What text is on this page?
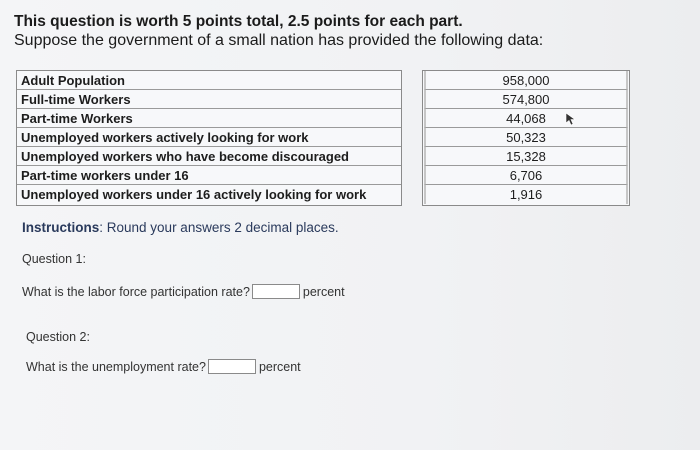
This question is worth 5 points total, 2.5 points for each part.
Suppose the government of a small nation has provided the following data:
Adult Population
Full-time Workers
Part-time Workers
Unemployed workers actively looking for work
Unemployed workers who have become discouraged
Part-time workers under 16
Unemployed workers under 16 actively looking for work
958,000
574,800
44,068
50,323
15,328
6,706
1,916
Instructions: Round your answers 2 decimal places.
Question 1:
What is the labor force participation rate?	percent
Question 2:
What is the unemployment rate?	percent
